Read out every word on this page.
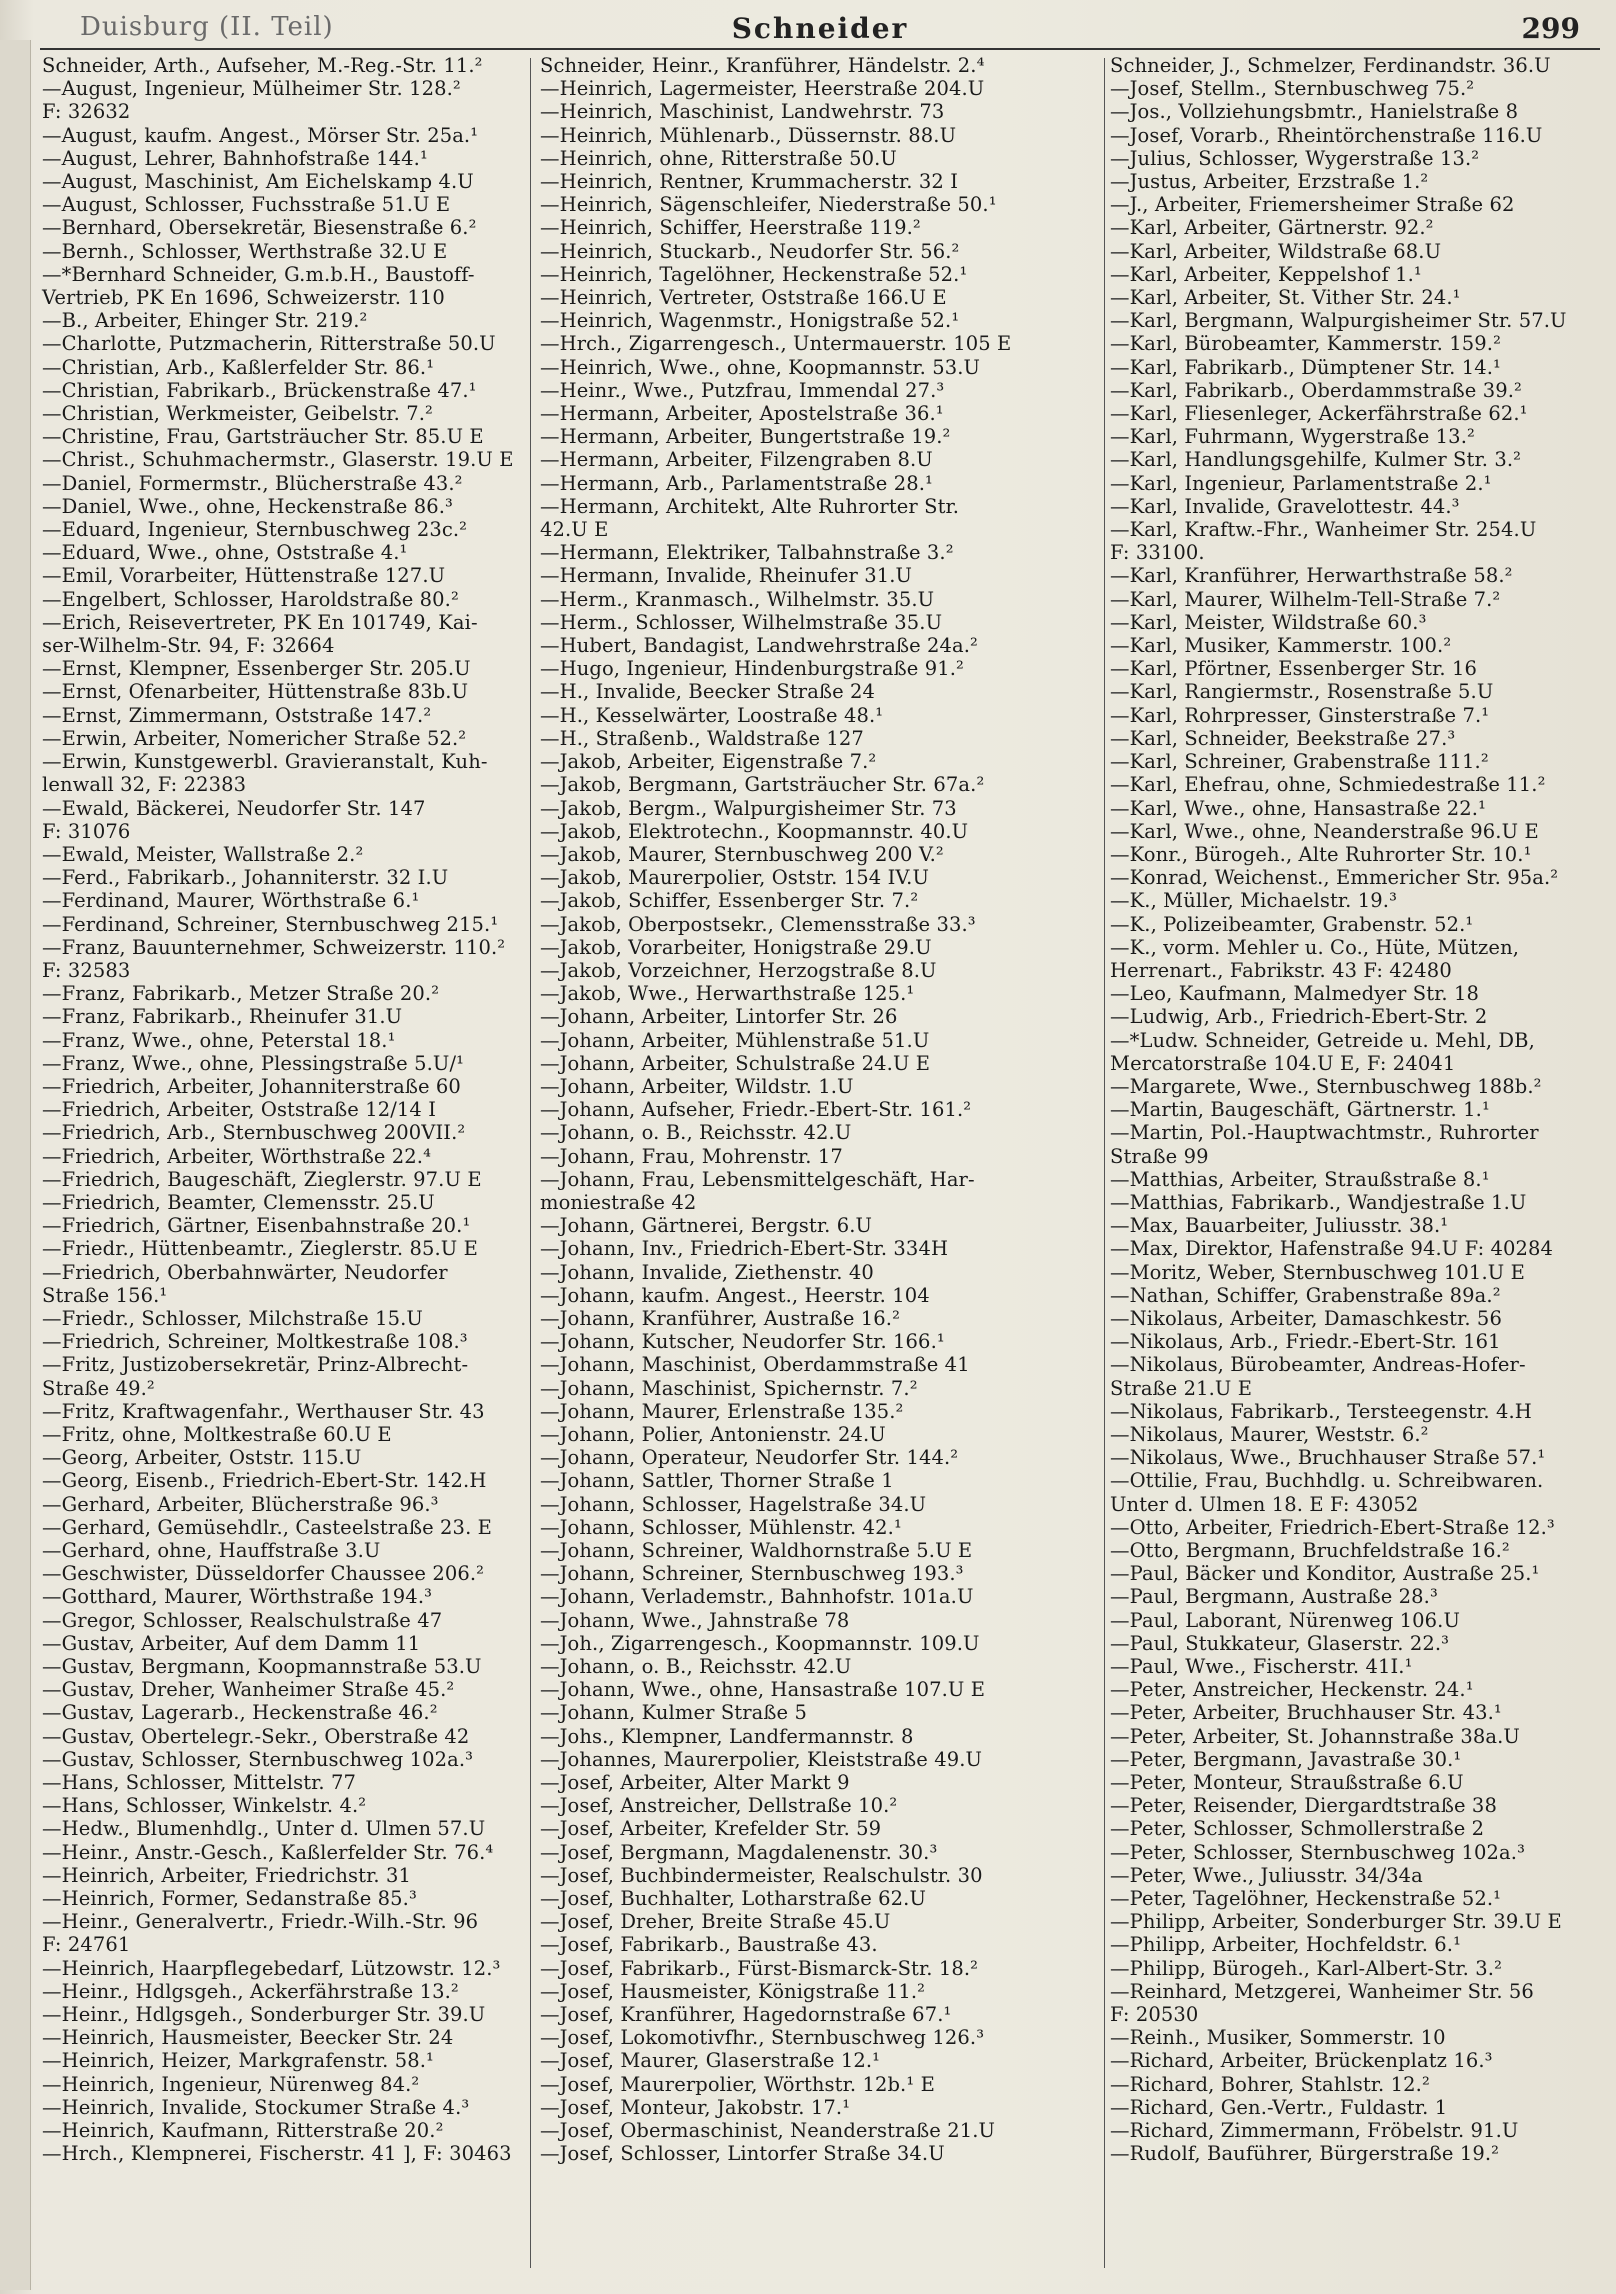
Duisburg (II. Teil)	Schneider	299
Schneider, Arth., Aufseher, M.-Reg.-Str. 11.²
—August, Ingenieur, Mülheimer Str. 128.²
F: 32632
—August, kaufm. Angest., Mörser Str. 25a.¹
—August, Lehrer, Bahnhofstraße 144.¹
—August, Maschinist, Am Eichelskamp 4.U
—August, Schlosser, Fuchsstraße 51.U E
—Bernhard, Obersekretär, Biesenstraße 6.²
—Bernh., Schlosser, Werthstraße 32.U E
—*Bernhard Schneider, G.m.b.H., Baustoff-
Vertrieb, PK En 1696, Schweizerstr. 110
—B., Arbeiter, Ehinger Str. 219.²
—Charlotte, Putzmacherin, Ritterstraße 50.U
—Christian, Arb., Kaßlerfelder Str. 86.¹
—Christian, Fabrikarb., Brückenstraße 47.¹
—Christian, Werkmeister, Geibelstr. 7.²
—Christine, Frau, Gartsträucher Str. 85.U E
—Christ., Schuhmachermstr., Glaserstr. 19.U E
—Daniel, Formermstr., Blücherstraße 43.²
—Daniel, Wwe., ohne, Heckenstraße 86.³
—Eduard, Ingenieur, Sternbuschweg 23c.²
—Eduard, Wwe., ohne, Oststraße 4.¹
—Emil, Vorarbeiter, Hüttenstraße 127.U
—Engelbert, Schlosser, Haroldstraße 80.²
—Erich, Reisevertreter, PK En 101749, Kai-
ser-Wilhelm-Str. 94, F: 32664
—Ernst, Klempner, Essenberger Str. 205.U
—Ernst, Ofenarbeiter, Hüttenstraße 83b.U
—Ernst, Zimmermann, Oststraße 147.²
—Erwin, Arbeiter, Nomericher Straße 52.²
—Erwin, Kunstgewerbl. Gravieranstalt, Kuh-
lenwall 32, F: 22383
—Ewald, Bäckerei, Neudorfer Str. 147
F: 31076
—Ewald, Meister, Wallstraße 2.²
—Ferd., Fabrikarb., Johanniterstr. 32 I.U
—Ferdinand, Maurer, Wörthstraße 6.¹
—Ferdinand, Schreiner, Sternbuschweg 215.¹
—Franz, Bauunternehmer, Schweizerstr. 110.²
F: 32583
—Franz, Fabrikarb., Metzer Straße 20.²
—Franz, Fabrikarb., Rheinufer 31.U
—Franz, Wwe., ohne, Peterstal 18.¹
—Franz, Wwe., ohne, Plessingstraße 5.U/¹
—Friedrich, Arbeiter, Johanniterstraße 60
—Friedrich, Arbeiter, Oststraße 12/14 I
—Friedrich, Arb., Sternbuschweg 200VII.²
—Friedrich, Arbeiter, Wörthstraße 22.⁴
—Friedrich, Baugeschäft, Zieglerstr. 97.U E
—Friedrich, Beamter, Clemensstr. 25.U
—Friedrich, Gärtner, Eisenbahnstraße 20.¹
—Friedr., Hüttenbeamtr., Zieglerstr. 85.U E
—Friedrich, Oberbahnwärter, Neudorfer
Straße 156.¹
—Friedr., Schlosser, Milchstraße 15.U
—Friedrich, Schreiner, Moltkestraße 108.³
—Fritz, Justizobersekretär, Prinz-Albrecht-
Straße 49.²
—Fritz, Kraftwagenfahr., Werthauser Str. 43
—Fritz, ohne, Moltkestraße 60.U E
—Georg, Arbeiter, Oststr. 115.U
—Georg, Eisenb., Friedrich-Ebert-Str. 142.H
—Gerhard, Arbeiter, Blücherstraße 96.³
—Gerhard, Gemüsehdlr., Casteelstraße 23. E
—Gerhard, ohne, Hauffstraße 3.U
—Geschwister, Düsseldorfer Chaussee 206.²
—Gotthard, Maurer, Wörthstraße 194.³
—Gregor, Schlosser, Realschulstraße 47
—Gustav, Arbeiter, Auf dem Damm 11
—Gustav, Bergmann, Koopmannstraße 53.U
—Gustav, Dreher, Wanheimer Straße 45.²
—Gustav, Lagerarb., Heckenstraße 46.²
—Gustav, Obertelegr.-Sekr., Oberstraße 42
—Gustav, Schlosser, Sternbuschweg 102a.³
—Hans, Schlosser, Mittelstr. 77
—Hans, Schlosser, Winkelstr. 4.²
—Hedw., Blumenhdlg., Unter d. Ulmen 57.U
—Heinr., Anstr.-Gesch., Kaßlerfelder Str. 76.⁴
—Heinrich, Arbeiter, Friedrichstr. 31
—Heinrich, Former, Sedanstraße 85.³
—Heinr., Generalvertr., Friedr.-Wilh.-Str. 96
F: 24761
—Heinrich, Haarpflegebedarf, Lützowstr. 12.³
—Heinr., Hdlgsgeh., Ackerfährstraße 13.²
—Heinr., Hdlgsgeh., Sonderburger Str. 39.U
—Heinrich, Hausmeister, Beecker Str. 24
—Heinrich, Heizer, Markgrafenstr. 58.¹
—Heinrich, Ingenieur, Nürenweg 84.²
—Heinrich, Invalide, Stockumer Straße 4.³
—Heinrich, Kaufmann, Ritterstraße 20.²
—Hrch., Klempnerei, Fischerstr. 41 ], F: 30463
Schneider, Heinr., Kranführer, Händelstr. 2.⁴
—Heinrich, Lagermeister, Heerstraße 204.U
—Heinrich, Maschinist, Landwehrstr. 73
—Heinrich, Mühlenarb., Düssernstr. 88.U
—Heinrich, ohne, Ritterstraße 50.U
—Heinrich, Rentner, Krummacherstr. 32 I
—Heinrich, Sägenschleifer, Niederstraße 50.¹
—Heinrich, Schiffer, Heerstraße 119.²
—Heinrich, Stuckarb., Neudorfer Str. 56.²
—Heinrich, Tagelöhner, Heckenstraße 52.¹
—Heinrich, Vertreter, Oststraße 166.U E
—Heinrich, Wagenmstr., Honigstraße 52.¹
—Hrch., Zigarrengesch., Untermauerstr. 105 E
—Heinrich, Wwe., ohne, Koopmannstr. 53.U
—Heinr., Wwe., Putzfrau, Immendal 27.³
—Hermann, Arbeiter, Apostelstraße 36.¹
—Hermann, Arbeiter, Bungertstraße 19.²
—Hermann, Arbeiter, Filzengraben 8.U
—Hermann, Arb., Parlamentstraße 28.¹
—Hermann, Architekt, Alte Ruhrorter Str.
42.U E
—Hermann, Elektriker, Talbahnstraße 3.²
—Hermann, Invalide, Rheinufer 31.U
—Herm., Kranmasch., Wilhelmstr. 35.U
—Herm., Schlosser, Wilhelmstraße 35.U
—Hubert, Bandagist, Landwehrstraße 24a.²
—Hugo, Ingenieur, Hindenburgstraße 91.²
—H., Invalide, Beecker Straße 24
—H., Kesselwärter, Loostraße 48.¹
—H., Straßenb., Waldstraße 127
—Jakob, Arbeiter, Eigenstraße 7.²
—Jakob, Bergmann, Gartsträucher Str. 67a.²
—Jakob, Bergm., Walpurgisheimer Str. 73
—Jakob, Elektrotechn., Koopmannstr. 40.U
—Jakob, Maurer, Sternbuschweg 200 V.²
—Jakob, Maurerpolier, Oststr. 154 IV.U
—Jakob, Schiffer, Essenberger Str. 7.²
—Jakob, Oberpostsekr., Clemensstraße 33.³
—Jakob, Vorarbeiter, Honigstraße 29.U
—Jakob, Vorzeichner, Herzogstraße 8.U
—Jakob, Wwe., Herwarthstraße 125.¹
—Johann, Arbeiter, Lintorfer Str. 26
—Johann, Arbeiter, Mühlenstraße 51.U
—Johann, Arbeiter, Schulstraße 24.U E
—Johann, Arbeiter, Wildstr. 1.U
—Johann, Aufseher, Friedr.-Ebert-Str. 161.²
—Johann, o. B., Reichsstr. 42.U
—Johann, Frau, Mohrenstr. 17
—Johann, Frau, Lebensmittelgeschäft, Har-
moniestraße 42
—Johann, Gärtnerei, Bergstr. 6.U
—Johann, Inv., Friedrich-Ebert-Str. 334H
—Johann, Invalide, Ziethenstr. 40
—Johann, kaufm. Angest., Heerstr. 104
—Johann, Kranführer, Austraße 16.²
—Johann, Kutscher, Neudorfer Str. 166.¹
—Johann, Maschinist, Oberdammstraße 41
—Johann, Maschinist, Spichernstr. 7.²
—Johann, Maurer, Erlenstraße 135.²
—Johann, Polier, Antonienstr. 24.U
—Johann, Operateur, Neudorfer Str. 144.²
—Johann, Sattler, Thorner Straße 1
—Johann, Schlosser, Hagelstraße 34.U
—Johann, Schlosser, Mühlenstr. 42.¹
—Johann, Schreiner, Waldhornstraße 5.U E
—Johann, Schreiner, Sternbuschweg 193.³
—Johann, Verlademstr., Bahnhofstr. 101a.U
—Johann, Wwe., Jahnstraße 78
—Joh., Zigarrengesch., Koopmannstr. 109.U
—Johann, o. B., Reichsstr. 42.U
—Johann, Wwe., ohne, Hansastraße 107.U E
—Johann, Kulmer Straße 5
—Johs., Klempner, Landfermannstr. 8
—Johannes, Maurerpolier, Kleiststraße 49.U
—Josef, Arbeiter, Alter Markt 9
—Josef, Anstreicher, Dellstraße 10.²
—Josef, Arbeiter, Krefelder Str. 59
—Josef, Bergmann, Magdalenenstr. 30.³
—Josef, Buchbindermeister, Realschulstr. 30
—Josef, Buchhalter, Lotharstraße 62.U
—Josef, Dreher, Breite Straße 45.U
—Josef, Fabrikarb., Baustraße 43.
—Josef, Fabrikarb., Fürst-Bismarck-Str. 18.²
—Josef, Hausmeister, Königstraße 11.²
—Josef, Kranführer, Hagedornstraße 67.¹
—Josef, Lokomotivfhr., Sternbuschweg 126.³
—Josef, Maurer, Glaserstraße 12.¹
—Josef, Maurerpolier, Wörthstr. 12b.¹ E
—Josef, Monteur, Jakobstr. 17.¹
—Josef, Obermaschinist, Neanderstraße 21.U
—Josef, Schlosser, Lintorfer Straße 34.U
Schneider, J., Schmelzer, Ferdinandstr. 36.U
—Josef, Stellm., Sternbuschweg 75.²
—Jos., Vollziehungsbmtr., Hanielstraße 8
—Josef, Vorarb., Rheintörchenstraße 116.U
—Julius, Schlosser, Wygerstraße 13.²
—Justus, Arbeiter, Erzstraße 1.²
—J., Arbeiter, Friemersheimer Straße 62
—Karl, Arbeiter, Gärtnerstr. 92.²
—Karl, Arbeiter, Wildstraße 68.U
—Karl, Arbeiter, Keppelshof 1.¹
—Karl, Arbeiter, St. Vither Str. 24.¹
—Karl, Bergmann, Walpurgisheimer Str. 57.U
—Karl, Bürobeamter, Kammerstr. 159.²
—Karl, Fabrikarb., Dümptener Str. 14.¹
—Karl, Fabrikarb., Oberdammstraße 39.²
—Karl, Fliesenleger, Ackerfährstraße 62.¹
—Karl, Fuhrmann, Wygerstraße 13.²
—Karl, Handlungsgehilfe, Kulmer Str. 3.²
—Karl, Ingenieur, Parlamentstraße 2.¹
—Karl, Invalide, Gravelottestr. 44.³
—Karl, Kraftw.-Fhr., Wanheimer Str. 254.U
F: 33100.
—Karl, Kranführer, Herwarthstraße 58.²
—Karl, Maurer, Wilhelm-Tell-Straße 7.²
—Karl, Meister, Wildstraße 60.³
—Karl, Musiker, Kammerstr. 100.²
—Karl, Pförtner, Essenberger Str. 16
—Karl, Rangiermstr., Rosenstraße 5.U
—Karl, Rohrpresser, Ginsterstraße 7.¹
—Karl, Schneider, Beekstraße 27.³
—Karl, Schreiner, Grabenstraße 111.²
—Karl, Ehefrau, ohne, Schmiedestraße 11.²
—Karl, Wwe., ohne, Hansastraße 22.¹
—Karl, Wwe., ohne, Neanderstraße 96.U E
—Konr., Bürogeh., Alte Ruhrorter Str. 10.¹
—Konrad, Weichenst., Emmericher Str. 95a.²
—K., Müller, Michaelstr. 19.³
—K., Polizeibeamter, Grabenstr. 52.¹
—K., vorm. Mehler u. Co., Hüte, Mützen,
Herrenart., Fabrikstr. 43 F: 42480
—Leo, Kaufmann, Malmedyer Str. 18
—Ludwig, Arb., Friedrich-Ebert-Str. 2
—*Ludw. Schneider, Getreide u. Mehl, DB,
Mercatorstraße 104.U E, F: 24041
—Margarete, Wwe., Sternbuschweg 188b.²
—Martin, Baugeschäft, Gärtnerstr. 1.¹
—Martin, Pol.-Hauptwachtmstr., Ruhrorter
Straße 99
—Matthias, Arbeiter, Straußstraße 8.¹
—Matthias, Fabrikarb., Wandjestraße 1.U
—Max, Bauarbeiter, Juliusstr. 38.¹
—Max, Direktor, Hafenstraße 94.U F: 40284
—Moritz, Weber, Sternbuschweg 101.U E
—Nathan, Schiffer, Grabenstraße 89a.²
—Nikolaus, Arbeiter, Damaschkestr. 56
—Nikolaus, Arb., Friedr.-Ebert-Str. 161
—Nikolaus, Bürobeamter, Andreas-Hofer-
Straße 21.U E
—Nikolaus, Fabrikarb., Tersteegenstr. 4.H
—Nikolaus, Maurer, Weststr. 6.²
—Nikolaus, Wwe., Bruchhauser Straße 57.¹
—Ottilie, Frau, Buchhdlg. u. Schreibwaren.
Unter d. Ulmen 18. E F: 43052
—Otto, Arbeiter, Friedrich-Ebert-Straße 12.³
—Otto, Bergmann, Bruchfeldstraße 16.²
—Paul, Bäcker und Konditor, Austraße 25.¹
—Paul, Bergmann, Austraße 28.³
—Paul, Laborant, Nürenweg 106.U
—Paul, Stukkateur, Glaserstr. 22.³
—Paul, Wwe., Fischerstr. 41I.¹
—Peter, Anstreicher, Heckenstr. 24.¹
—Peter, Arbeiter, Bruchhauser Str. 43.¹
—Peter, Arbeiter, St. Johannstraße 38a.U
—Peter, Bergmann, Javastraße 30.¹
—Peter, Monteur, Straußstraße 6.U
—Peter, Reisender, Diergardtstraße 38
—Peter, Schlosser, Schmollerstraße 2
—Peter, Schlosser, Sternbuschweg 102a.³
—Peter, Wwe., Juliusstr. 34/34a
—Peter, Tagelöhner, Heckenstraße 52.¹
—Philipp, Arbeiter, Sonderburger Str. 39.U E
—Philipp, Arbeiter, Hochfeldstr. 6.¹
—Philipp, Bürogeh., Karl-Albert-Str. 3.²
—Reinhard, Metzgerei, Wanheimer Str. 56
F: 20530
—Reinh., Musiker, Sommerstr. 10
—Richard, Arbeiter, Brückenplatz 16.³
—Richard, Bohrer, Stahlstr. 12.²
—Richard, Gen.-Vertr., Fuldastr. 1
—Richard, Zimmermann, Fröbelstr. 91.U
—Rudolf, Bauführer, Bürgerstraße 19.²
